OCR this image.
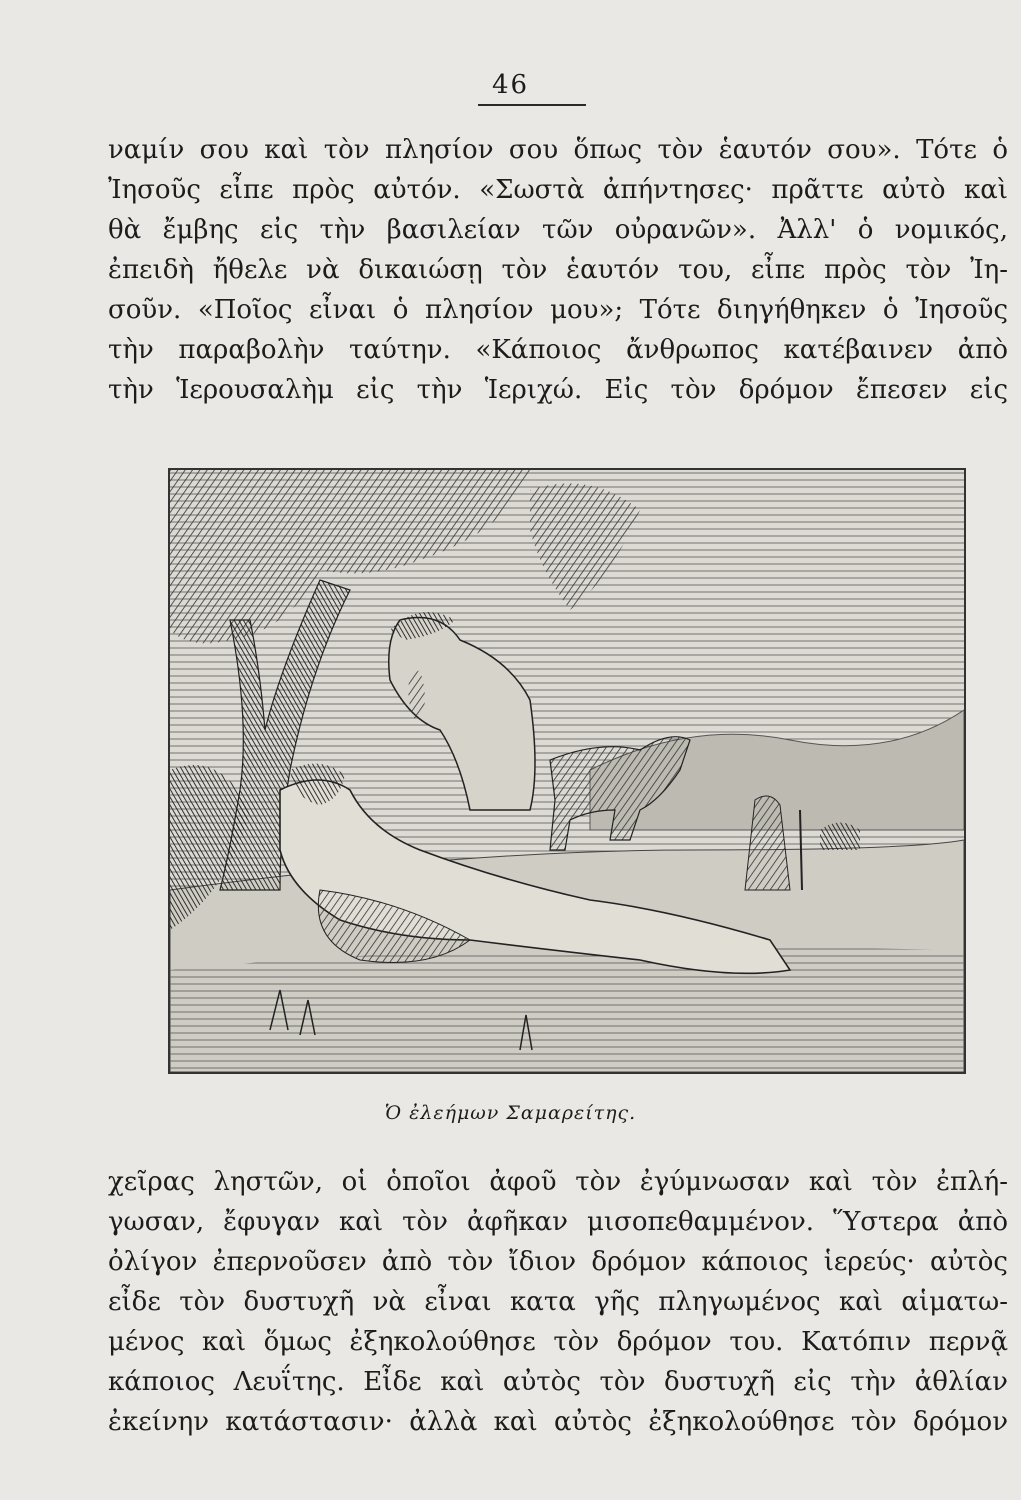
46
ναμίν σου καὶ τὸν πλησίον σου ὅπως τὸν ἑαυτόν σου». Τότε ὁ
Ἰησοῦς εἶπε πρὸς αὐτόν. «Σωστὰ ἀπήντησες· πρᾶττε αὐτὸ καὶ
θὰ ἔμβης εἰς τὴν βασιλείαν τῶν οὐρανῶν». Ἀλλ' ὁ νομικός,
ἐπειδὴ ἤθελε νὰ δικαιώσῃ τὸν ἑαυτόν του, εἶπε πρὸς τὸν Ἰη-
σοῦν. «Ποῖος εἶναι ὁ πλησίον μου»; Τότε διηγήθηκεν ὁ Ἰησοῦς
τὴν παραβολὴν ταύτην. «Κάποιος ἄνθρωπος κατέβαινεν ἀπὸ
τὴν Ἱερουσαλὴμ εἰς τὴν Ἱεριχώ. Εἰς τὸν δρόμον ἔπεσεν εἰς
Ὁ ἐλεήμων Σαμαρείτης.
χεῖρας ληστῶν, οἱ ὁποῖοι ἀφοῦ τὸν ἐγύμνωσαν καὶ τὸν ἐπλή-
γωσαν, ἔφυγαν καὶ τὸν ἀφῆκαν μισοπεθαμμένον. Ὕστερα ἀπὸ
ὀλίγον ἐπερνοῦσεν ἀπὸ τὸν ἴδιον δρόμον κάποιος ἱερεύς· αὐτὸς
εἶδε τὸν δυστυχῆ νὰ εἶναι κατα γῆς πληγωμένος καὶ αἱματω-
μένος καὶ ὅμως ἐξηκολούθησε τὸν δρόμον του. Κατόπιν περνᾷ
κάποιος Λευΐτης. Εἶδε καὶ αὐτὸς τὸν δυστυχῆ εἰς τὴν ἀθλίαν
ἐκείνην κατάστασιν· ἀλλὰ καὶ αὐτὸς ἐξηκολούθησε τὸν δρόμον
